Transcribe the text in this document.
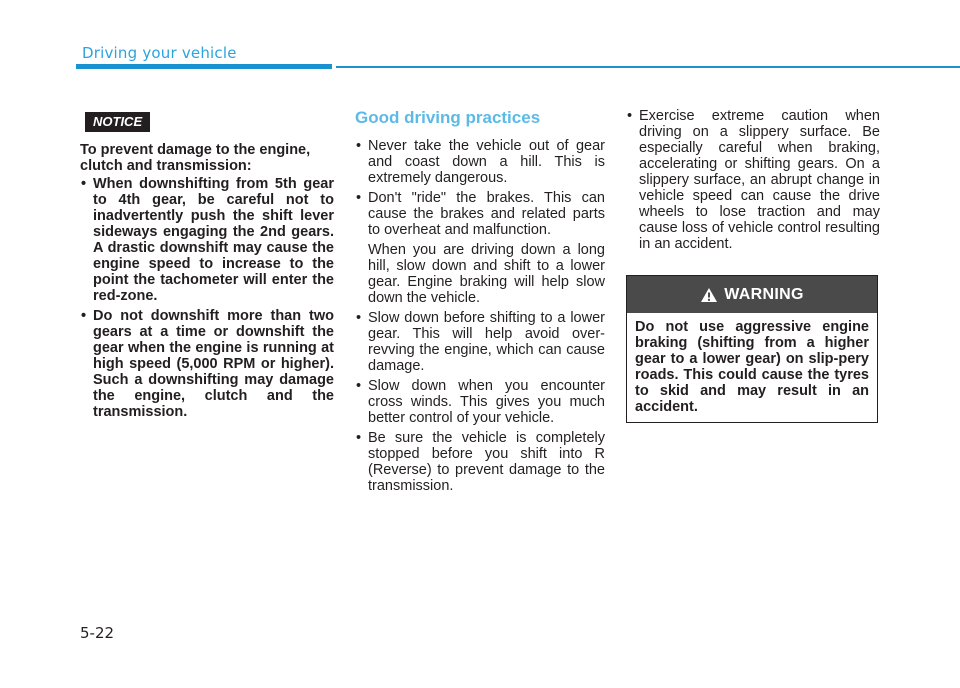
Driving your vehicle
NOTICE

To prevent damage to the engine, clutch and transmission:

• When downshifting from 5th gear to 4th gear, be careful not to inadvertently push the shift lever sideways engaging the 2nd gears. A drastic downshift may cause the engine speed to increase to the point the tachometer will enter the red-zone.
• Do not downshift more than two gears at a time or downshift the gear when the engine is running at high speed (5,000 RPM or higher). Such a downshifting may damage the engine, clutch and the transmission.
Good driving practices
• Never take the vehicle out of gear and coast down a hill. This is extremely dangerous.
• Don't "ride" the brakes. This can cause the brakes and related parts to overheat and malfunction.

When you are driving down a long hill, slow down and shift to a lower gear. Engine braking will help slow down the vehicle.

• Slow down before shifting to a lower gear. This will help avoid over-revving the engine, which can cause damage.
• Slow down when you encounter cross winds. This gives you much better control of your vehicle.
• Be sure the vehicle is completely stopped before you shift into R (Reverse) to prevent damage to the transmission.
• Exercise extreme caution when driving on a slippery surface. Be especially careful when braking, accelerating or shifting gears. On a slippery surface, an abrupt change in vehicle speed can cause the drive wheels to lose traction and may cause loss of vehicle control resulting in an accident.
WARNING
Do not use aggressive engine braking (shifting from a higher gear to a lower gear) on slip-pery roads. This could cause the tyres to skid and may result in an accident.
5-22
